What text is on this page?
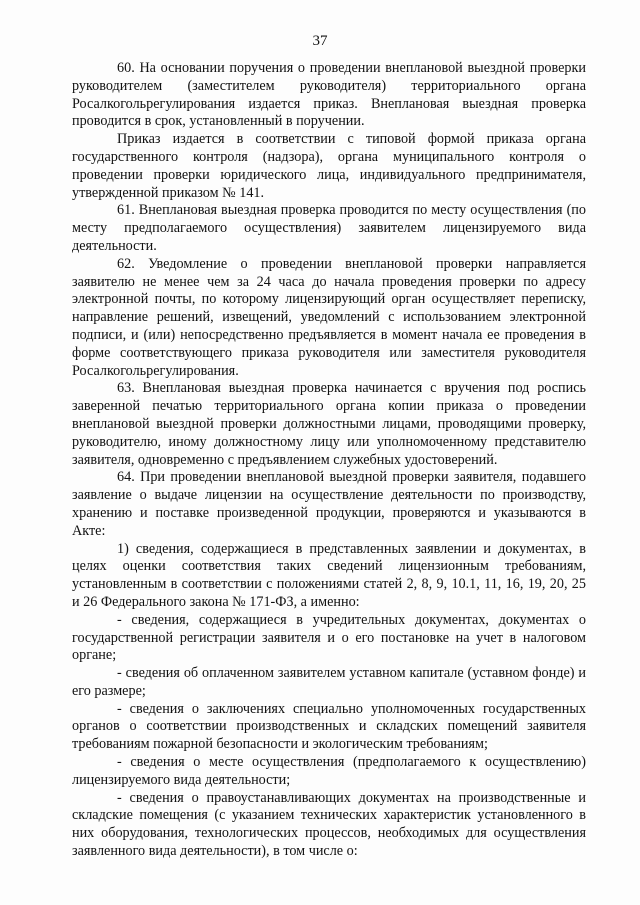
37

60. На основании поручения о проведении внеплановой выездной проверки руководителем (заместителем руководителя) территориального органа Росалкогольрегулирования издается приказ. Внеплановая выездная проверка проводится в срок, установленный в поручении.

Приказ издается в соответствии с типовой формой приказа органа государственного контроля (надзора), органа муниципального контроля о проведении проверки юридического лица, индивидуального предпринимателя, утвержденной приказом № 141.

61. Внеплановая выездная проверка проводится по месту осуществления (по месту предполагаемого осуществления) заявителем лицензируемого вида деятельности.

62. Уведомление о проведении внеплановой проверки направляется заявителю не менее чем за 24 часа до начала проведения проверки по адресу электронной почты, по которому лицензирующий орган осуществляет переписку, направление решений, извещений, уведомлений с использованием электронной подписи, и (или) непосредственно предъявляется в момент начала ее проведения в форме соответствующего приказа руководителя или заместителя руководителя Росалкогольрегулирования.

63. Внеплановая выездная проверка начинается с вручения под роспись заверенной печатью территориального органа копии приказа о проведении внеплановой выездной проверки должностными лицами, проводящими проверку, руководителю, иному должностному лицу или уполномоченному представителю заявителя, одновременно с предъявлением служебных удостоверений.

64. При проведении внеплановой выездной проверки заявителя, подавшего заявление о выдаче лицензии на осуществление деятельности по производству, хранению и поставке произведенной продукции, проверяются и указываются в Акте:

1) сведения, содержащиеся в представленных заявлении и документах, в целях оценки соответствия таких сведений лицензионным требованиям, установленным в соответствии с положениями статей 2, 8, 9, 10.1, 11, 16, 19, 20, 25 и 26 Федерального закона № 171-ФЗ, а именно:

- сведения, содержащиеся в учредительных документах, документах о государственной регистрации заявителя и о его постановке на учет в налоговом органе;

- сведения об оплаченном заявителем уставном капитале (уставном фонде) и его размере;

- сведения о заключениях специально уполномоченных государственных органов о соответствии производственных и складских помещений заявителя требованиям пожарной безопасности и экологическим требованиям;

- сведения о месте осуществления (предполагаемого к осуществлению) лицензируемого вида деятельности;

- сведения о правоустанавливающих документах на производственные и складские помещения (с указанием технических характеристик установленного в них оборудования, технологических процессов, необходимых для осуществления заявленного вида деятельности), в том числе о:
